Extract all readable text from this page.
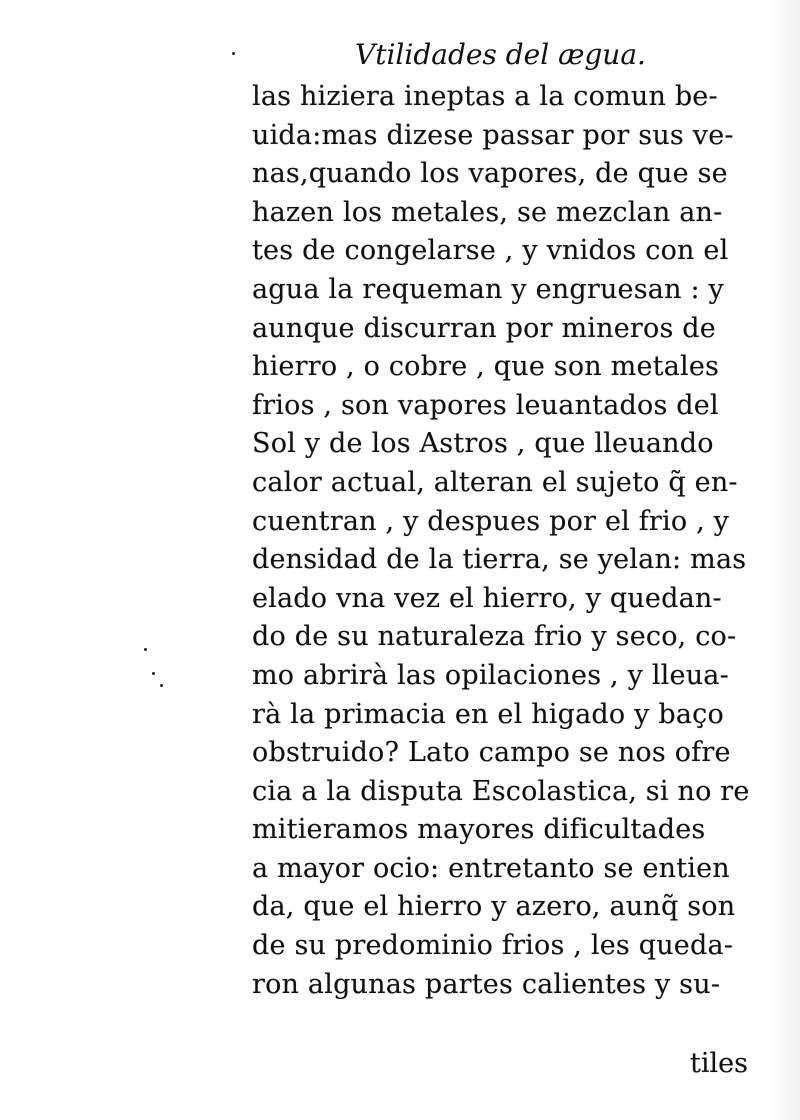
Vtilidades del ægua.
las hiziera ineptas a la comun be-
uida:mas dizese passar por sus ve-
nas,quando los vapores, de que se
hazen los metales, se mezclan an-
tes de congelarse , y vnidos con el
agua la requeman y engruesan : y
aunque discurran por mineros de
hierro , o cobre , que son metales
frios , son vapores leuantados del
Sol y de los Astros , que lleuando
calor actual, alteran el sujeto q̃ en-
cuentran , y despues por el frio , y
densidad de la tierra, se yelan: mas
elado vna vez el hierro, y quedan-
do de su naturaleza frio y seco, co-
mo abrirà las opilaciones , y lleua-
rà la primacia en el higado y baço
obstruido? Lato campo se nos ofre
cia a la disputa Escolastica, si no re
mitieramos mayores dificultades
a mayor ocio: entretanto se entien
da, que el hierro y azero, aunq̃ son
de su predominio frios , les queda-
ron algunas partes calientes y su-
tiles
